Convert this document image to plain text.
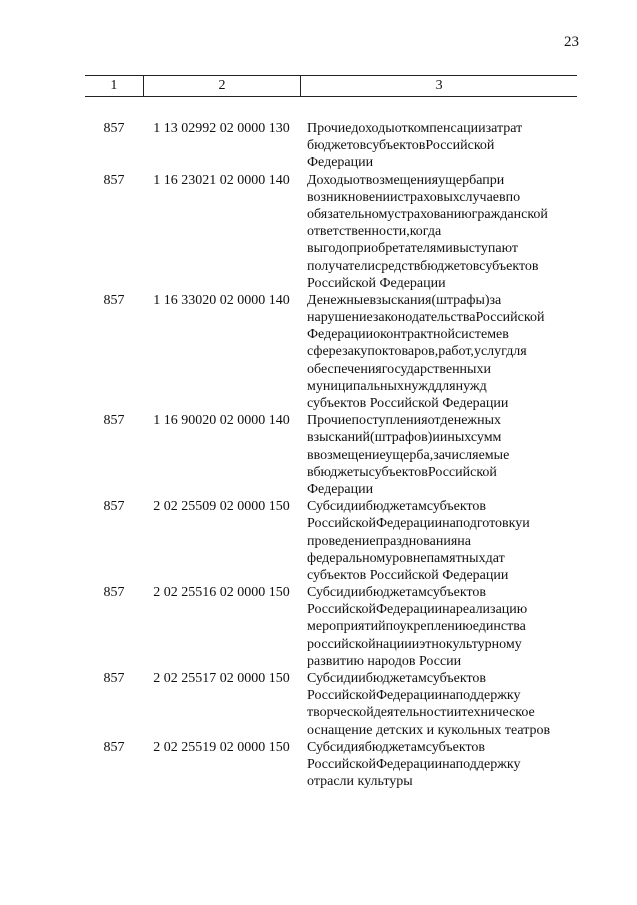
23
1	2	3
857	1 13 02992 02 0000 130	Прочиедоходыоткомпенсациизатрат
бюджетовсубъектовРоссийской
Федерации
857	1 16 23021 02 0000 140	Доходыотвозмещенияущербапри
возникновениистраховыхслучаевпо
обязательномустрахованиюгражданской
ответственности,когда
выгодоприобретателямивыступают
получателисредствбюджетовсубъектов
Российской Федерации
857	1 16 33020 02 0000 140	Денежныевзыскания(штрафы)за
нарушениезаконодательстваРоссийской
Федерацииоконтрактнойсистемев
сферезакупоктоваров,работ,услугдля
обеспечениягосударственныхи
муниципальныхнужддлянужд
субъектов Российской Федерации
857	1 16 90020 02 0000 140	Прочиепоступленияотденежных
взысканий(штрафов)ииныхсумм
ввозмещениеущерба,зачисляемые
вбюджетысубъектовРоссийской
Федерации
857	2 02 25509 02 0000 150	Субсидиибюджетамсубъектов
РоссийскойФедерациинаподготовкуи
проведениепразднованияна
федеральномуровнепамятныхдат
субъектов Российской Федерации
857	2 02 25516 02 0000 150	Субсидиибюджетамсубъектов
РоссийскойФедерациинареализацию
мероприятийпоукреплениюединства
российскойнациииэтнокультурному
развитию народов России
857	2 02 25517 02 0000 150	Субсидиибюджетамсубъектов
РоссийскойФедерациинаподдержку
творческойдеятельностиитехническое
оснащение детских и кукольных театров
857	2 02 25519 02 0000 150	Субсидиябюджетамсубъектов
РоссийскойФедерациинаподдержку
отрасли культуры
